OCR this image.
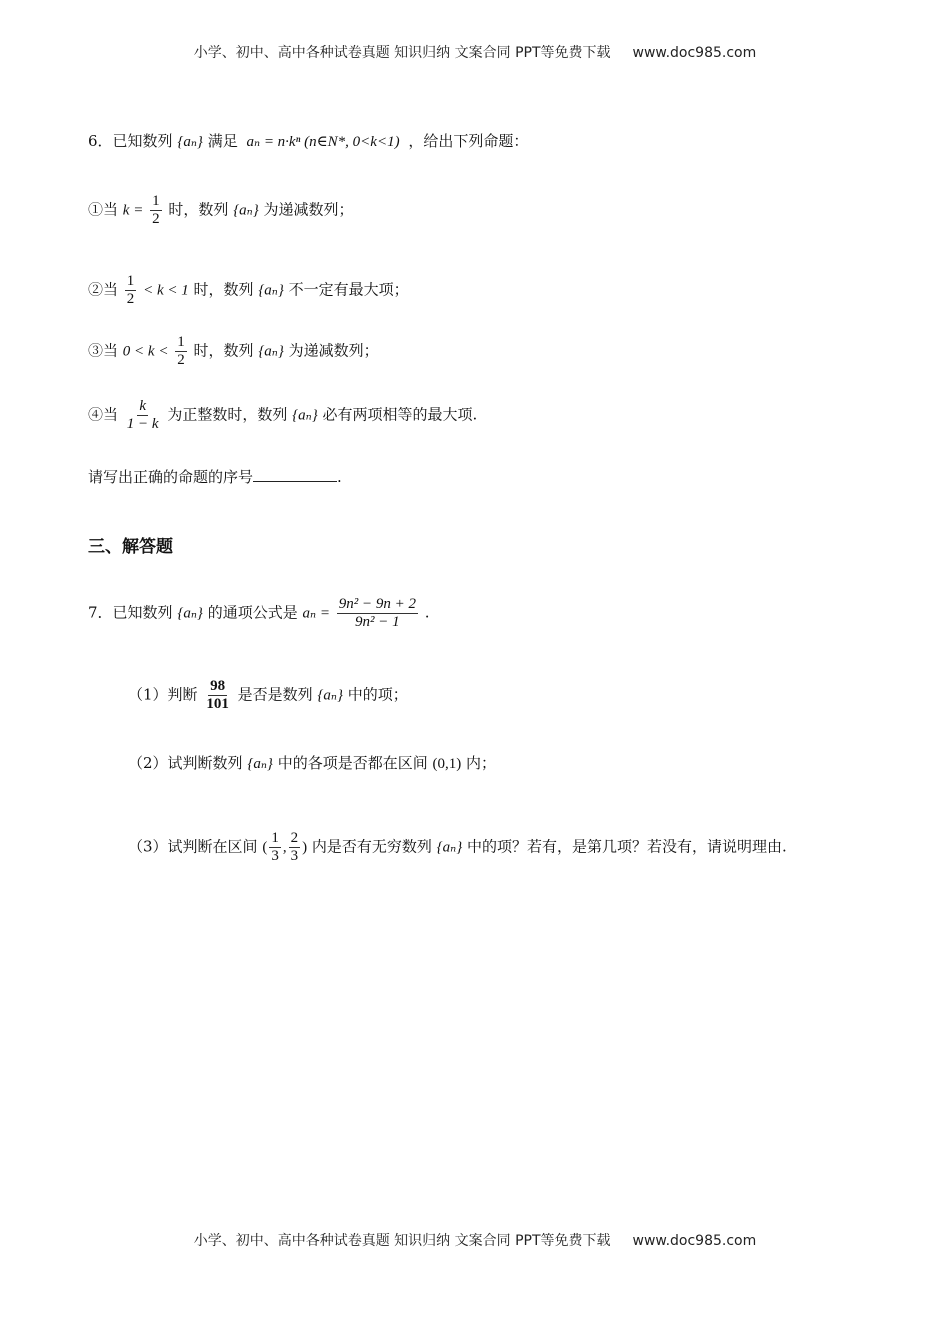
小学、初中、高中各种试卷真题 知识归纳 文案合同 PPT等免费下载 www.doc985.com
6．已知数列 {aₙ} 满足 aₙ = n·kⁿ (n∈N*, 0<k<1) ，给出下列命题：
①当 $k = \frac{1}{2}$ 时，数列 {aₙ} 为递减数列；
②当 $\frac{1}{2} < k < 1$ 时，数列 {aₙ} 不一定有最大项；
③当 $0 < k < \frac{1}{2}$ 时，数列 {aₙ} 为递减数列；
④当 $\frac{k}{1 - k}$ 为正整数时，数列 {aₙ} 必有两项相等的最大项.
请写出正确的命题的序号	.
三、解答题
7．已知数列 {aₙ} 的通项公式是 $a_n = \frac{\text{9n² − 9n + 2}}{\text{9n² − 1}}$ .
（1）判断 $\frac{98}{101}$ 是否是数列 {aₙ} 中的项；
（2）试判断数列 {aₙ} 中的各项是否都在区间 (0,1) 内；
（3）试判断在区间 ( $\frac{1}{3}$ , $\frac{2}{3}$ ) 内是否有无穷数列 {aₙ} 中的项？若有，是第几项？若没有，请说明理由.
小学、初中、高中各种试卷真题 知识归纳 文案合同 PPT等免费下载 www.doc985.com
